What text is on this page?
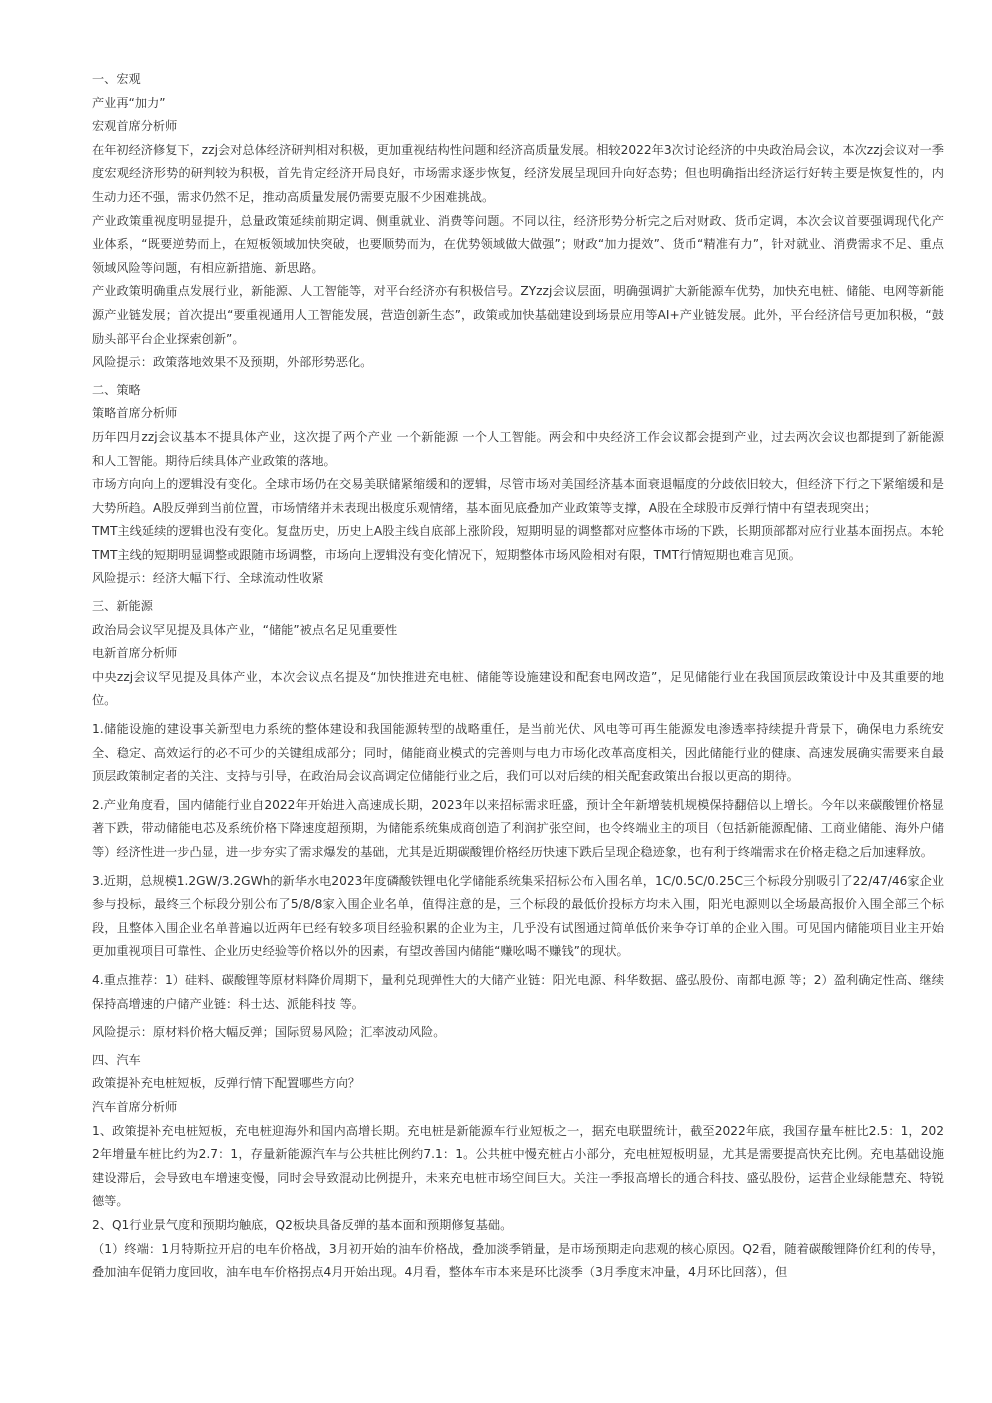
一、宏观

产业再“加力”

宏观首席分析师

在年初经济修复下，zzj会对总体经济研判相对积极，更加重视结构性问题和经济高质量发展。相较2022年3次讨论经济的中央政治局会议，本次zzj会议对一季度宏观经济形势的研判较为积极，首先肯定经济开局良好，市场需求逐步恢复，经济发展呈现回升向好态势；但也明确指出经济运行好转主要是恢复性的，内生动力还不强，需求仍然不足，推动高质量发展仍需要克服不少困难挑战。

产业政策重视度明显提升，总量政策延续前期定调、侧重就业、消费等问题。不同以往，经济形势分析完之后对财政、货币定调，本次会议首要强调现代化产业体系，“既要逆势而上，在短板领域加快突破，也要顺势而为，在优势领域做大做强”；财政“加力提效”、货币“精准有力”，针对就业、消费需求不足、重点领域风险等问题，有相应新措施、新思路。

产业政策明确重点发展行业，新能源、人工智能等，对平台经济亦有积极信号。ZYzzj会议层面，明确强调扩大新能源车优势，加快充电桩、储能、电网等新能源产业链发展；首次提出“要重视通用人工智能发展，营造创新生态”，政策或加快基础建设到场景应用等AI+产业链发展。此外，平台经济信号更加积极，“鼓励头部平台企业探索创新”。

风险提示：政策落地效果不及预期，外部形势恶化。

二、策略

策略首席分析师

历年四月zzj会议基本不提具体产业，这次提了两个产业 一个新能源 一个人工智能。两会和中央经济工作会议都会提到产业，过去两次会议也都提到了新能源和人工智能。期待后续具体产业政策的落地。

市场方向向上的逻辑没有变化。全球市场仍在交易美联储紧缩缓和的逻辑，尽管市场对美国经济基本面衰退幅度的分歧依旧较大，但经济下行之下紧缩缓和是大势所趋。A股反弹到当前位置，市场情绪并未表现出极度乐观情绪，基本面见底叠加产业政策等支撑，A股在全球股市反弹行情中有望表现突出；

TMT主线延续的逻辑也没有变化。复盘历史，历史上A股主线自底部上涨阶段，短期明显的调整都对应整体市场的下跌，长期顶部都对应行业基本面拐点。本轮TMT主线的短期明显调整或跟随市场调整，市场向上逻辑没有变化情况下，短期整体市场风险相对有限，TMT行情短期也难言见顶。

风险提示：经济大幅下行、全球流动性收紧

三、新能源

政治局会议罕见提及具体产业，“储能”被点名足见重要性

电新首席分析师

中央zzj会议罕见提及具体产业，本次会议点名提及“加快推进充电桩、储能等设施建设和配套电网改造”，足见储能行业在我国顶层政策设计中及其重要的地位。

1.储能设施的建设事关新型电力系统的整体建设和我国能源转型的战略重任，是当前光伏、风电等可再生能源发电渗透率持续提升背景下，确保电力系统安全、稳定、高效运行的必不可少的关键组成部分；同时，储能商业模式的完善则与电力市场化改革高度相关，因此储能行业的健康、高速发展确实需要来自最顶层政策制定者的关注、支持与引导，在政治局会议高调定位储能行业之后，我们可以对后续的相关配套政策出台报以更高的期待。

2.产业角度看，国内储能行业自2022年开始进入高速成长期，2023年以来招标需求旺盛，预计全年新增装机规模保持翻倍以上增长。今年以来碳酸锂价格显著下跌，带动储能电芯及系统价格下降速度超预期，为储能系统集成商创造了利润扩张空间，也令终端业主的项目（包括新能源配储、工商业储能、海外户储等）经济性进一步凸显，进一步夯实了需求爆发的基础，尤其是近期碳酸锂价格经历快速下跌后呈现企稳迹象，也有利于终端需求在价格走稳之后加速释放。

3.近期，总规模1.2GW/3.2GWh的新华水电2023年度磷酸铁锂电化学储能系统集采招标公布入围名单，1C/0.5C/0.25C三个标段分别吸引了22/47/46家企业参与投标，最终三个标段分别公布了5/8/8家入围企业名单，值得注意的是，三个标段的最低价投标方均未入围，阳光电源则以全场最高报价入围全部三个标段，且整体入围企业名单普遍以近两年已经有较多项目经验积累的企业为主，几乎没有试图通过简单低价来争夺订单的企业入围。可见国内储能项目业主开始更加重视项目可靠性、企业历史经验等价格以外的因素，有望改善国内储能“赚吆喝不赚钱”的现状。

4.重点推荐：1）硅料、碳酸锂等原材料降价周期下，量利兑现弹性大的大储产业链：阳光电源、科华数据、盛弘股份、南都电源 等；2）盈利确定性高、继续保持高增速的户储产业链：科士达、派能科技 等。

风险提示：原材料价格大幅反弹；国际贸易风险；汇率波动风险。

四、汽车

政策提补充电桩短板，反弹行情下配置哪些方向？

汽车首席分析师

1、政策提补充电桩短板，充电桩迎海外和国内高增长期。充电桩是新能源车行业短板之一，据充电联盟统计，截至2022年底，我国存量车桩比2.5：1，2022年增量车桩比约为2.7：1，存量新能源汽车与公共桩比例约7.1：1。公共桩中慢充桩占小部分，充电桩短板明显，尤其是需要提高快充比例。充电基础设施建设滞后，会导致电车增速变慢，同时会导致混动比例提升，未来充电桩市场空间巨大。关注一季报高增长的通合科技、盛弘股份，运营企业绿能慧充、特锐德等。

2、Q1行业景气度和预期均触底，Q2板块具备反弹的基本面和预期修复基础。

（1）终端：1月特斯拉开启的电车价格战，3月初开始的油车价格战，叠加淡季销量，是市场预期走向悲观的核心原因。Q2看，随着碳酸锂降价红利的传导，叠加油车促销力度回收，油车电车价格拐点4月开始出现。4月看，整体车市本来是环比淡季（3月季度末冲量，4月环比回落），但
